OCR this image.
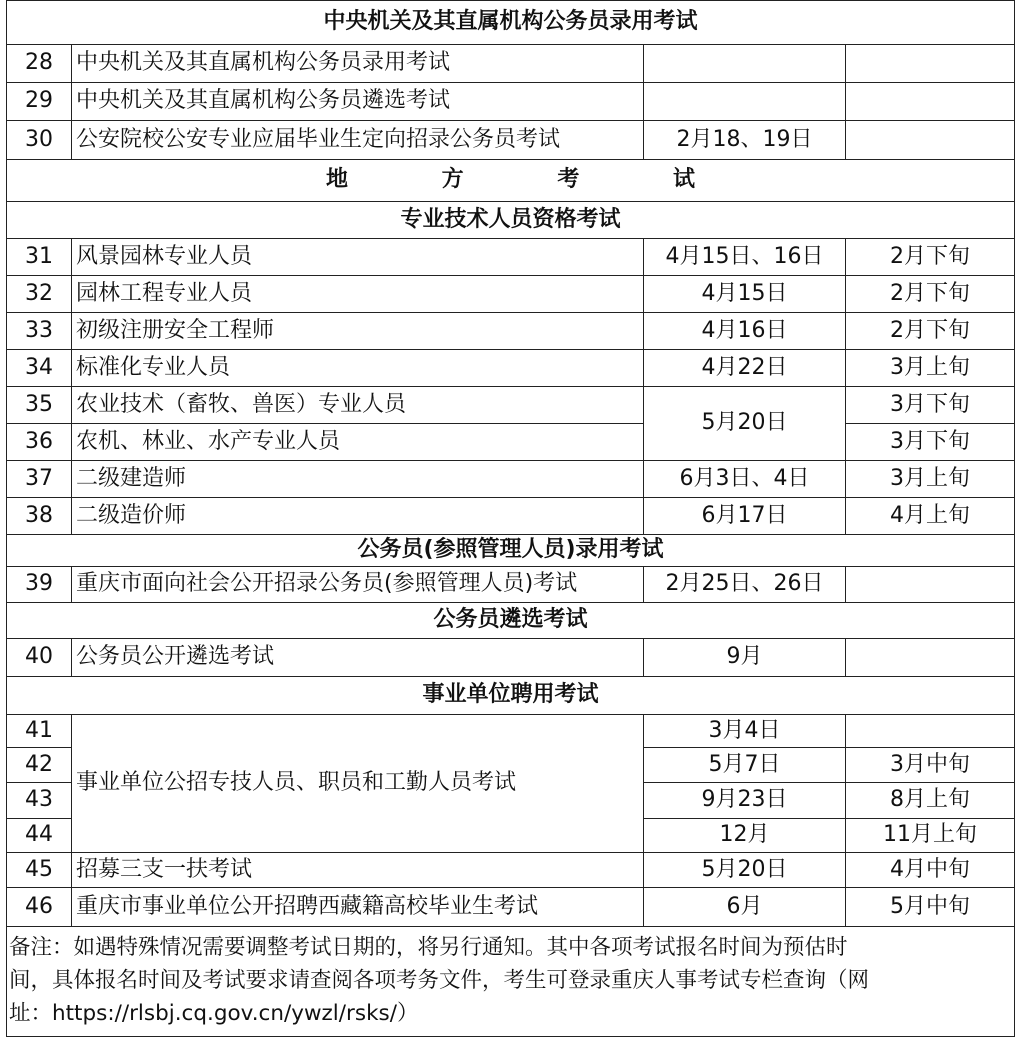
中央机关及其直属机构公务员录用考试			
28	中央机关及其直属机构公务员录用考试		
29	中央机关及其直属机构公务员遴选考试		
30	公安院校公安专业应届毕业生定向招录公务员考试	2月18、19日	
地 方 考 试			
专业技术人员资格考试			
31	风景园林专业人员	4月15日、16日	2月下旬
32	园林工程专业人员	4月15日	2月下旬
33	初级注册安全工程师	4月16日	2月下旬
34	标准化专业人员	4月22日	3月上旬
35	农业技术（畜牧、兽医）专业人员	5月20日	3月下旬
36	农机、林业、水产专业人员		3月下旬
37	二级建造师	6月3日、4日	3月上旬
38	二级造价师	6月17日	4月上旬
公务员(参照管理人员)录用考试			
39	重庆市面向社会公开招录公务员(参照管理人员)考试	2月25日、26日	
公务员遴选考试			
40	公务员公开遴选考试	9月	
事业单位聘用考试			
41	事业单位公招专技人员、职员和工勤人员考试	3月4日	
42		5月7日	3月中旬
43		9月23日	8月上旬
44		12月	11月上旬
45	招募三支一扶考试	5月20日	4月中旬
46	重庆市事业单位公开招聘西藏籍高校毕业生考试	6月	5月中旬

备注：如遇特殊情况需要调整考试日期的，将另行通知。其中各项考试报名时间为预估时
间，具体报名时间及考试要求请查阅各项考务文件，考生可登录重庆人事考试专栏查询（网
址：https://rlsbj.cq.gov.cn/ywzl/rsks/）			
